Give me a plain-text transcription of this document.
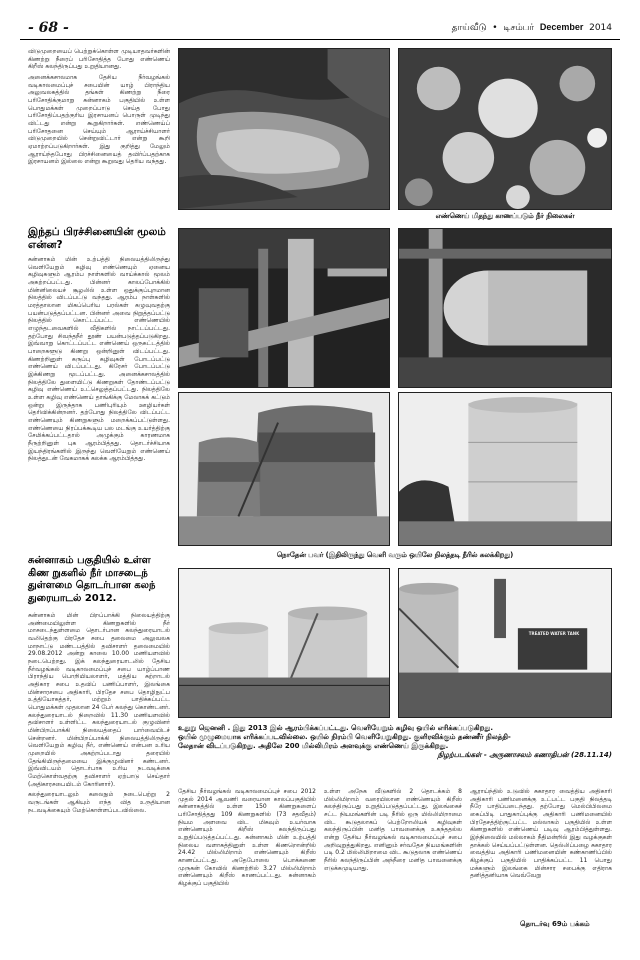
- 68 -	தாய்வீடு  •  டிசம்பர் December 2014

விடுமுறையைப் பெற்றுக்கொள்ள முடியாதவர்களின் கிணற்று நீரைப் பரிசோதித்த போது எண்ணெய் கிறீஸ் கலந்திருப்பது உறுதியானது.

அனைக்கசாலமாக தேசிய நீர்வழங்கல் வடிகாலமைப்புச் சபையின் யாழ் பிராந்திய அலுவலகத்தில் தங்கள் கிணற்று நீரை பரிசோதிக்குமாறு சுன்னாகம் பகுதியில் உள்ள பொதுமக்கள் முறைப்பாடு செய்த போது பரிசோதிப்பதற்குரிய இரசாயனப் பொருள் முடிந்து விட்டது என்று கூறுகிறார்கள். எண்ணெய்ப் பரிசோதனை செய்யும் ஆராய்ச்சியாளர் விடுமுறையில் சென்றுவிட்டார் என்று கூறி ஏமாற்றப்படுகிறார்கள். இது குறித்து மேலும் ஆராய்ந்தபோது பிரச்சினையைத் தவிர்ப்பதற்காக இரசாயனம் இல்லை என்று கூறுவது தெரிய வந்தது.

இந்தப் பிரச்சினையின் மூலம் என்ன?

சுன்னாகம் மின் உற்பத்தி நிலையத்திலிருந்து வெளியேறும் கழிவு எண்ணெயும் ஏனைய கழிவுகளும் ஆரம்ப நாள்களில் வாய்க்கால் மூலம் அகற்றப்பட்டது. பின்னர் காலப்போக்கில் மின்னிலையச் சூழலில் உள்ள ஒதுக்குப்புறமான நிலத்தில் விடப்பட்டு வந்தது. ஆரம்ப நாள்களில் மரத்தாலான மிகப்பெரிய பரல்கள் கழுவுவதற்கு பயன்படுத்தப்பட்டன. பின்னர் அவை நிறுத்தப்பட்டு நிலத்தில் கொட்டப்பட்ட எண்ணெயில் எழுந்தடவைகளில் வீதிகளில் நாட்டப்பட்டது. தற்போது சிவந்தநீர் தூண் பயன்படுத்தப்படுகிறது. இவ்வாறு கொட்டப்பட்ட எண்ணெய் ஒருகட்டத்தில் பாறைகளூடு கிணறு ஒன்றினுள் விடப்பட்டது. கிணற்றினுள் கருப்பு கழிவுகள் போடப்பட்டு எண்ணெய் விடப்பட்டது. கிரேசர் போடப்பட்டு இக்கிணறு மூடப்பட்டது. அனைக்கசாலத்தில் நிலத்திலே துளையிட்டு கிணறுகள் தோண்டப்பட்டு கழிவு எண்ணெய் உட்செலுத்தப்பட்டது. நிலத்திலே உள்ள கழிவு எண்ணெய் தாங்கிக்கு மேலாகக் கட்டும் ஒன்று இருந்தாக பணிபுரியும் ஊழியர்கள் தெரிவிக்கின்றனர். தற்போது நிலத்திலே விடப்பட்ட எண்ணெயும் கிணறுகளும் மறைக்கப்பட்டுள்ளது. எண்ணெயை நிரப்பக்கூடிய பல மடங்கு உயர்த்திற்கு சேமிக்கப்பட்டதால் அழுக்கும் காரணமாக நீருற்றினுள் புக ஆரம்பித்தது. தொடர்ச்சியாக இயந்திரங்களில் இருந்து வெளியேறும் எண்ணெய் நிலத்துடன் வேகமாகக் கலக்க ஆரம்பித்தது.

சுன்னாகம் பகுதியில் உள்ள கிண றுகளில் நீர் மாசடைந் துள்ளமை தொடர்பான கலந் துரையாடல் 2012.

சுன்னாகம் மின் பிறப்பாக்கி நிலையத்திற்கு அண்மையிலுள்ள கிணறுகளில் நீர் மாசடைந்துள்ளமை தொடர்பான கலந்துரையாடல் வலிதெற்கு பிரதேச சபை தலைமை அலுவலக மாநாட்டு மண்டபத்தில் தவிசாளர் தலைமையில் 29.08.2012 அன்று காலை 10.00 மணியளவில் நடைபெற்றது. இக் கலந்துரையாடலில் தேசிய நீர்வழங்கல் வடிகாலமைப்புச் சபை யாழ்ப்பாண பிராந்திய பொறியியலாளர், மத்திய சுற்றாடல் அதிகார சபை உதவிப் பணிப்பாளர், இலங்கை மின்சாரசபை அதிகாரி, பிரதேச சபை தொழிநுட்ப உத்தியோகத்தர், மற்றும் பாதிக்கப்பட்ட பொதுமக்கள் முதலான 24 பேர் கலந்து கொண்டனர். கலந்துரையாடல் நிறைவில் 11.30 மணியளவில் தவிசாளர் உள்ளிட்ட கலந்துரையாடல் குழுவினர் மின்பிறப்பாக்கி நிலையத்தைப் பார்வையிடச் சென்றனர். மின்பிறப்பாக்கி நிலையத்திலிருந்து வெளியேறும் கழிவு நீர், எண்ணெய் என்பன உரிய முறையில் அகற்றப்படாது தரையில் தேங்கியிருந்தமையை இக்குழுவினர் கண்டனர். இவ்விடயம் தொடர்பாக உரிய நடவடிக்கை மேற்கொள்வதற்கு தவிசாளர் ஏற்பாடு செய்தார் (அதிகாரசபையிடம் கோரினார்).

கலந்துரையாடலும் கலைநும் நடைபெற்று 2 வருடங்கள் ஆகியும் எந்த வித உருதியான நடவடிக்கையும் மேற்கொள்ளப்படவில்லை.

எண்ணெய் மிதந்து காணப்படும் நீர் நிலைகள்
நொதேன் பவர் (இதிலிருந்து வெளி வரும் ஒயிலே நிலத்தடி நீரில் கலக்கிறது)
TREATED WATER TANK
உதுறு ஜெனனி . இது 2013 இல் ஆரம்பிக்கப்பட்டது. வெளியேறும் கழிவு ஒயில் எரிக்கப்படுகிறது.
ஒயில் முழுமையாக எரிக்கப்படவில்லை. ஒயில் நிரம்பி வெளியேறுகிறது. குளிரவிக்கும் தண்ணீர் நிலத்தி-
லேதான் விடப்படுகிறது. அதிலே 200 மில்லிமிரம் அளவுக்கு எண்ணெய் இருக்கிறது.
நிழற்படங்கள் - அருணாசலம் கணாதிபன் (28.11.14)

தேசிய நீர்வழங்கல் வடிகாலமைப்புச் சபை 2012 முதல் 2014 ஆவணி வரையான காலப்பகுதியில் சுன்னாகத்தில் உள்ள 150 கிணறுகளைப் பரிசோதித்தது 109 கிணறுகளில் (73 சதவீதம்) நியம அளவை விட மிகவும் உயர்வாக எண்ணெயும் கிறீஸ் கலந்திருப்பது உறுதிப்படுத்தப்பட்டது. சுன்னாகம் மின் உற்பத்தி நிலைய வளாகத்தினுள் உள்ள கிணறொன்றில் 24.42 மில்லிமிறாம் எண்ணெயும் கிறீஸ் காணப்பட்டது. அதேபோலை பொக்கணை முருகன் கோவில் கிணற்றில் 3.27 மில்லிமிறாம் எண்ணெயும் கிறீஸ் காணப்பட்டது. சுன்னாகம் கிழக்குப் பகுதியில்

உள்ள அநேக வீடுகளில் 2 தொடக்கம் 8 மில்லிமிறாம் வரையிலான எண்ணெயும் கிறீஸ் கலந்திருப்பது உறுதிப்படுத்தப்பட்டது. இலங்கைச் சட்ட நியமங்களின் படி நீரில் ஒரு மில்லிமிறாமை விட கூடுதலாகப் பெற்றோலியக் கழிவுகள் கலந்திருப்பின் மனித பாவனைக்கு உகந்ததல்ல என்று தேசிய நீர்வழங்கல் வடிகாலமைப்புச் சபை அறிவுறுத்துகிறது. எனினும் சர்வதேச நியமங்களின் படி 0.2 மில்லிமிறாமை விட கூடுதலாக எண்ணெய் நீரில் கலந்திருப்பின் அந்நீரை மனித பாவனைக்கு எடுக்கமுடியாது.

ஆராய்ந்தில் உடுவில் சுகாதார வைத்திய அதிகாரி அதிகாரி பணிமனைக்கு உட்பட்ட பகுதி நிலத்தடி நீரே பாதிப்படைந்தது. தற்போது மெல்பிபிலமை கைப்பிடி பாதுகாப்புக்கு அதிகாரி பணிமனையில் பிரதேசத்திற்குட்பட்ட மல்லாகம் பகுதியில் உள்ள கிணறுகளில் எண்ணெய் படிவு ஆரம்பித்துள்ளது. இந்நிலையில் மல்லாகம் நீதிமன்றில் இது வழக்குகள் தாக்கல் செய்யப்பட்டுள்ளன. தெல்லிப்பழை சுகாதார வைத்திய அதிகாரி பணிமனையின் கண்காணிப்பில் கிழக்குப் பகுதியில் பாதிக்கப்பட்ட 11 பொது மக்களும் இலங்கை மின்சார சபைக்கு எதிராக தனித்தனியாக வெவ்வேறு

தொடர்வு 69ம் பக்கம்
